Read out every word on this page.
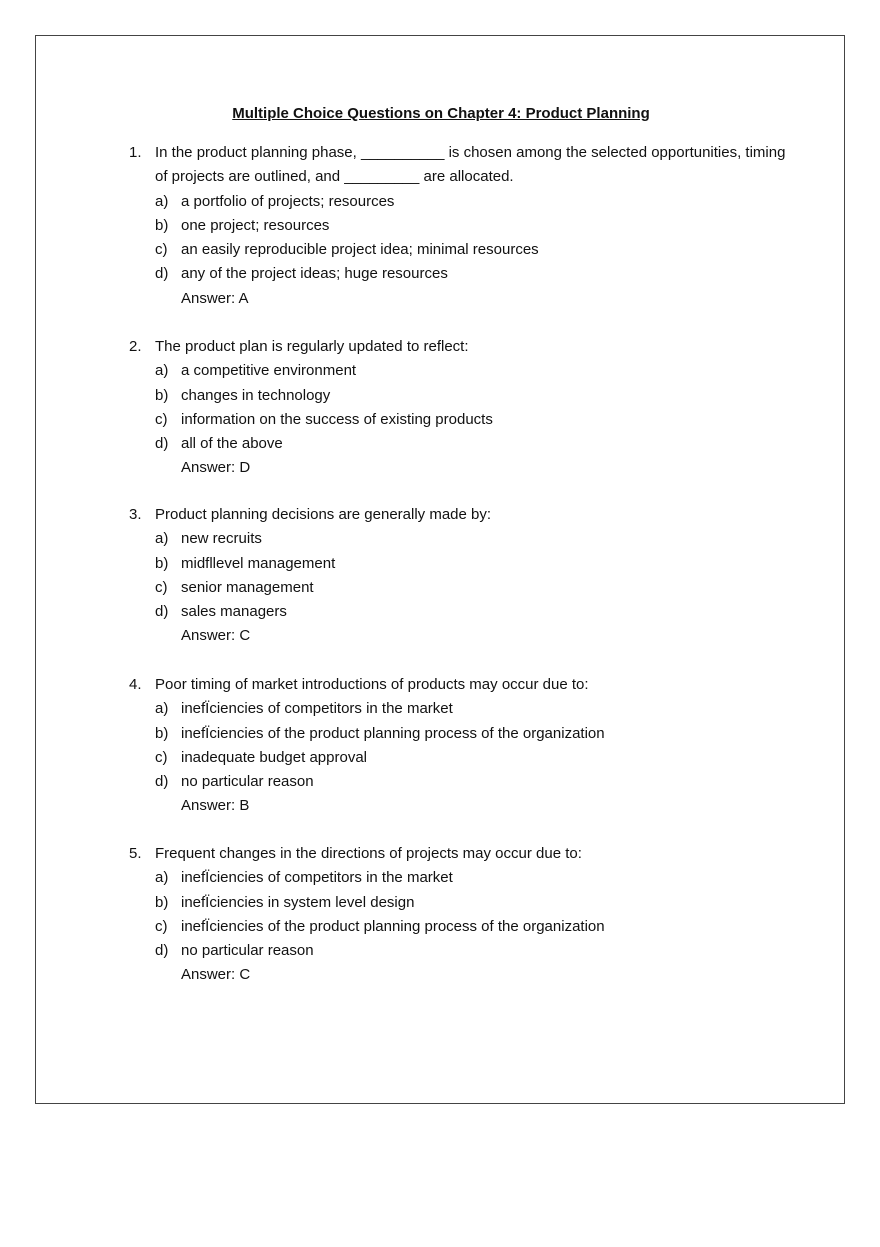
Multiple Choice Questions on Chapter 4: Product Planning
1. In the product planning phase, __________ is chosen among the selected opportunities, timing of projects are outlined, and _________ are allocated.
a) a portfolio of projects; resources
b) one project; resources
c) an easily reproducible project idea; minimal resources
d) any of the project ideas; huge resources
Answer: A
2. The product plan is regularly updated to reflect:
a) a competitive environment
b) changes in technology
c) information on the success of existing products
d) all of the above
Answer: D
3. Product planning decisions are generally made by:
a) new recruits
b) midfllevel management
c) senior management
d) sales managers
Answer: C
4. Poor timing of market introductions of products may occur due to:
a) inefÏciencies of competitors in the market
b) inefÏciencies of the product planning process of the organization
c) inadequate budget approval
d) no particular reason
Answer: B
5. Frequent changes in the directions of projects may occur due to:
a) inefÏciencies of competitors in the market
b) inefÏciencies in system level design
c) inefÏciencies of the product planning process of the organization
d) no particular reason
Answer: C
